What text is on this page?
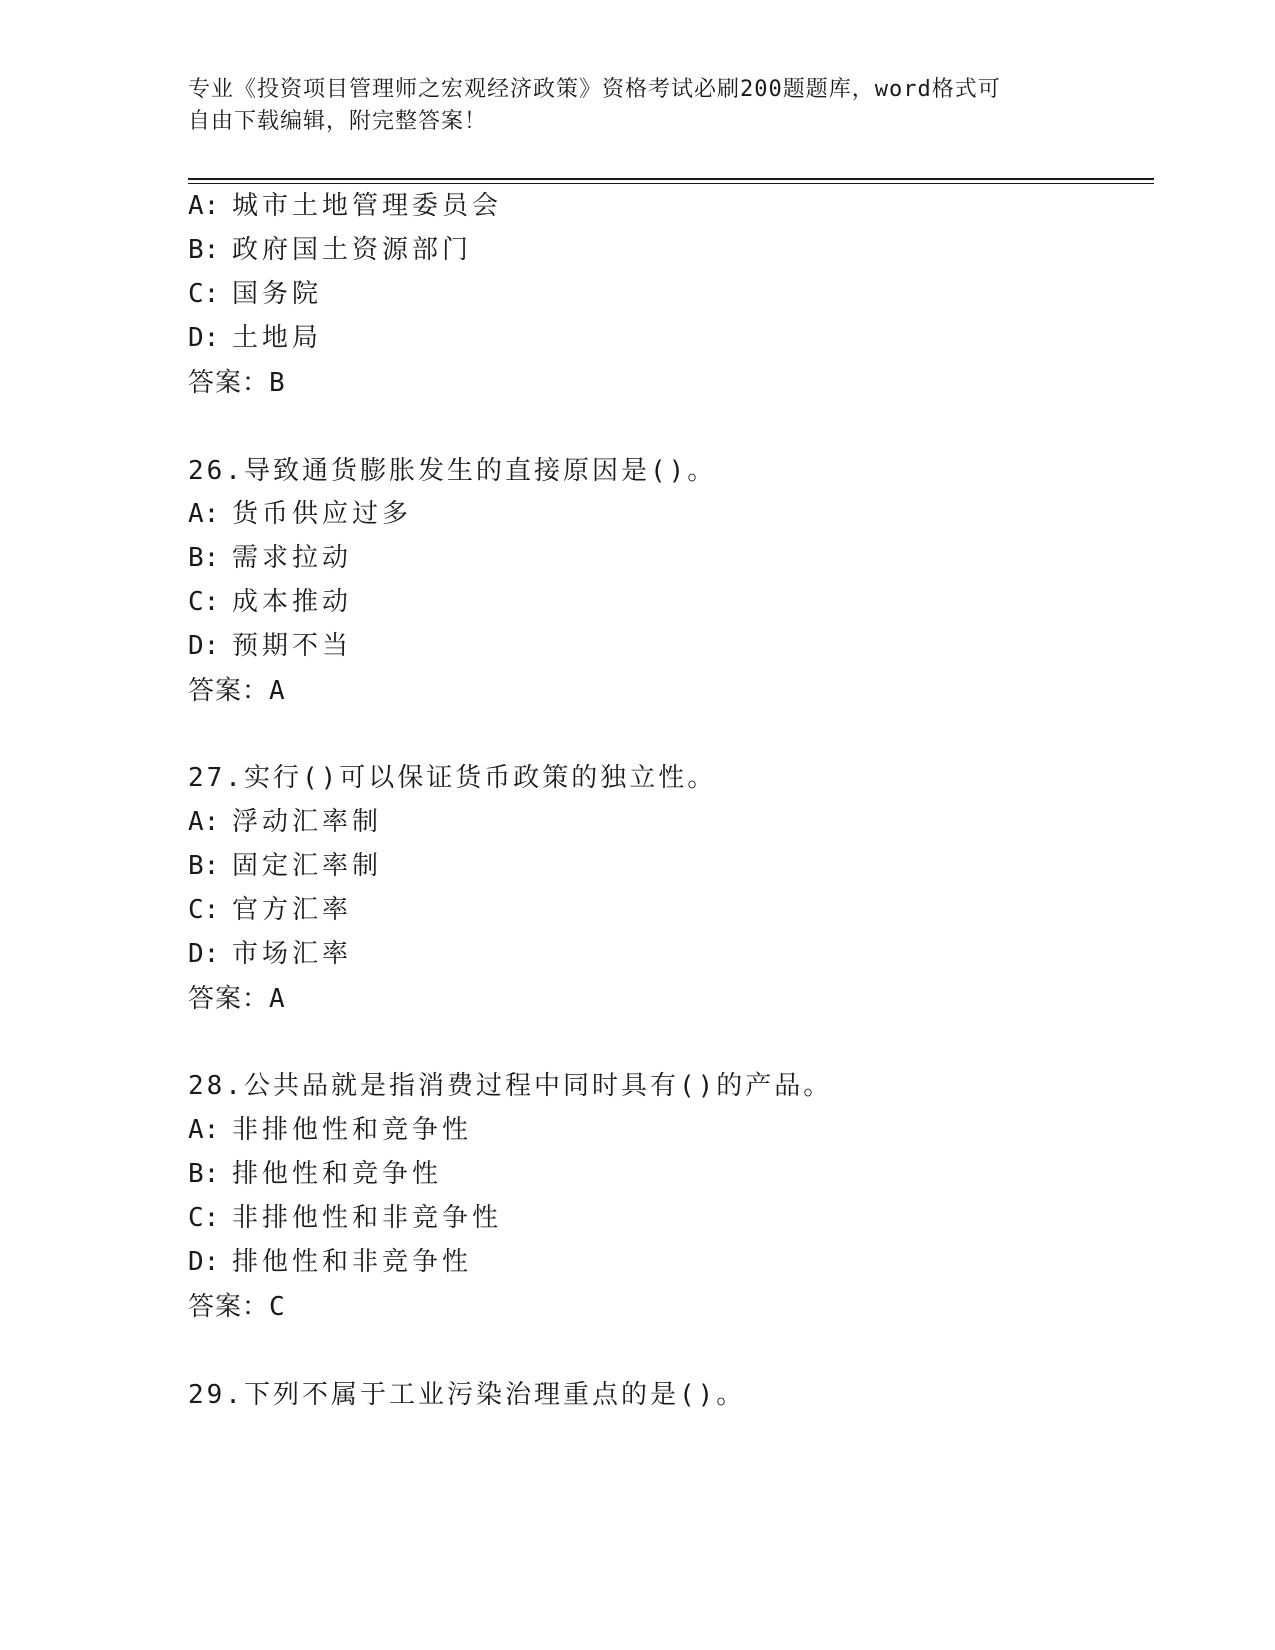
专业《投资项目管理师之宏观经济政策》资格考试必刷200题题库，word格式可
自由下载编辑，附完整答案！
A: 城市土地管理委员会
B: 政府国土资源部门
C: 国务院
D: 土地局
答案：B
26.导致通货膨胀发生的直接原因是()。
A: 货币供应过多
B: 需求拉动
C: 成本推动
D: 预期不当
答案：A
27.实行()可以保证货币政策的独立性。
A: 浮动汇率制
B: 固定汇率制
C: 官方汇率
D: 市场汇率
答案：A
28.公共品就是指消费过程中同时具有()的产品。
A: 非排他性和竞争性
B: 排他性和竞争性
C: 非排他性和非竞争性
D: 排他性和非竞争性
答案：C
29.下列不属于工业污染治理重点的是()。
